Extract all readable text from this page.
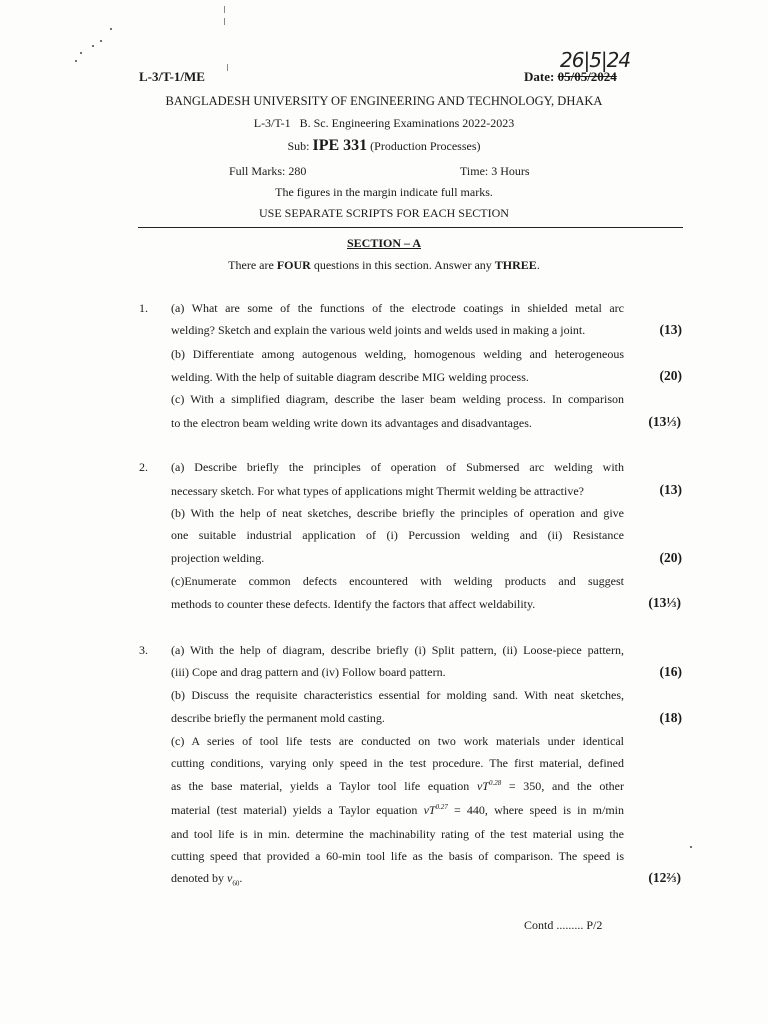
L-3/T-1/ME	Date: 05/05/2024
26|5|24
BANGLADESH UNIVERSITY OF ENGINEERING AND TECHNOLOGY, DHAKA
L-3/T-1   B. Sc. Engineering Examinations 2022-2023
Sub: IPE 331 (Production Processes)
Full Marks: 280	Time: 3 Hours
The figures in the margin indicate full marks.
USE SEPARATE SCRIPTS FOR EACH SECTION
SECTION – A
There are FOUR questions in this section. Answer any THREE.
1. (a) What are some of the functions of the electrode coatings in shielded metal arc
welding? Sketch and explain the various weld joints and welds used in making a joint.	(13)
(b) Differentiate among autogenous welding, homogenous welding and heterogeneous
welding. With the help of suitable diagram describe MIG welding process.	(20)
(c) With a simplified diagram, describe the laser beam welding process. In comparison
to the electron beam welding write down its advantages and disadvantages.	(13⅓)
2. (a) Describe briefly the principles of operation of Submersed arc welding with
necessary sketch. For what types of applications might Thermit welding be attractive?	(13)
(b) With the help of neat sketches, describe briefly the principles of operation and give
one suitable industrial application of (i) Percussion welding and (ii) Resistance
projection welding.	(20)
(c)Enumerate common defects encountered with welding products and suggest
methods to counter these defects. Identify the factors that affect weldability.	(13⅓)
3. (a) With the help of diagram, describe briefly (i) Split pattern, (ii) Loose-piece pattern,
(iii) Cope and drag pattern and (iv) Follow board pattern.	(16)
(b) Discuss the requisite characteristics essential for molding sand. With neat sketches,
describe briefly the permanent mold casting.	(18)
(c) A series of tool life tests are conducted on two work materials under identical
cutting conditions, varying only speed in the test procedure. The first material, defined
as the base material, yields a Taylor tool life equation $vT^{0.28} = 350$, and the other
material (test material) yields a Taylor equation $vT^{0.27} = 440$, where speed is in m/min
and tool life is in min. determine the machinability rating of the test material using the
cutting speed that provided a 60-min tool life as the basis of comparison. The speed is
denoted by $v_{60}$.	(12⅔)
Contd ......... P/2
